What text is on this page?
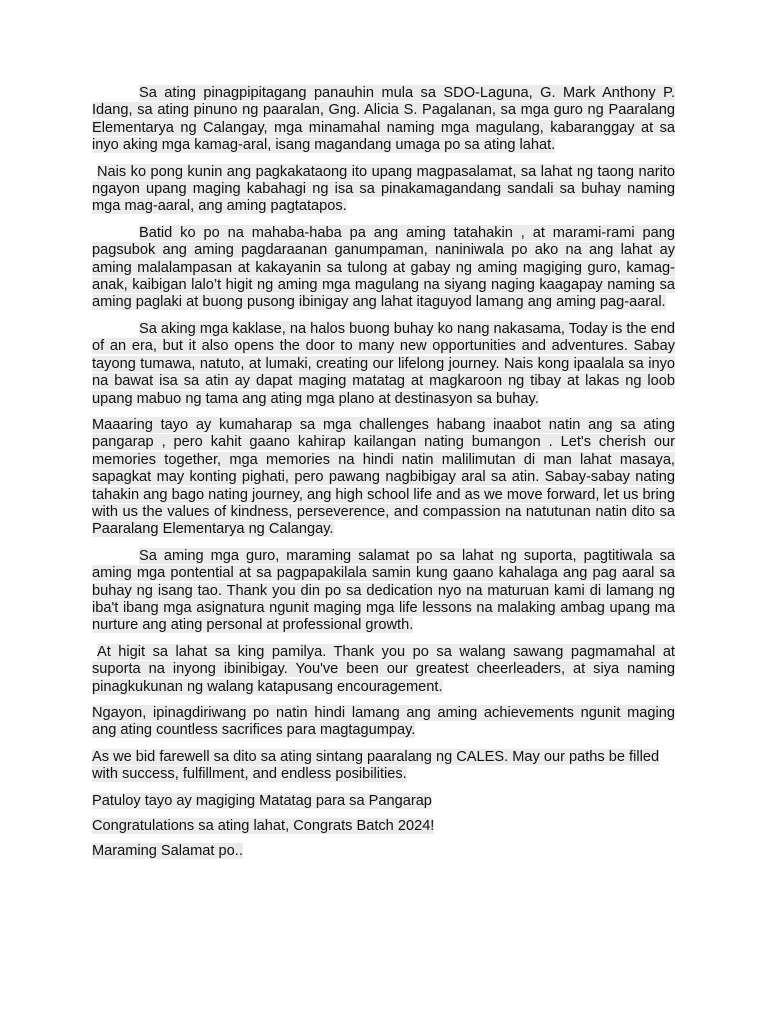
Sa ating pinagpipitagang panauhin mula sa SDO-Laguna, G. Mark Anthony P. Idang, sa ating pinuno ng paaralan, Gng. Alicia S. Pagalanan, sa mga guro ng Paaralang Elementarya ng Calangay, mga minamahal naming mga magulang, kabaranggay at sa inyo aking mga kamag-aral, isang magandang umaga po sa ating lahat.

Nais ko pong kunin ang pagkakataong ito upang magpasalamat, sa lahat ng taong narito ngayon upang maging kabahagi ng isa sa pinakamagandang sandali sa buhay naming mga mag-aaral, ang aming pagtatapos.

Batid ko po na mahaba-haba pa ang aming tatahakin , at marami-rami pang pagsubok ang aming pagdaraanan ganumpaman, naniniwala po ako na ang lahat ay aming malalampasan at kakayanin sa tulong at gabay ng aming magiging guro, kamag-anak, kaibigan lalo’t higit ng aming mga magulang na siyang naging kaagapay naming sa aming paglaki at buong pusong ibinigay ang lahat itaguyod lamang ang aming pag-aaral.

Sa aking mga kaklase, na halos buong buhay ko nang nakasama, Today is the end of an era, but it also opens the door to many new opportunities and adventures. Sabay tayong tumawa, natuto, at lumaki, creating our lifelong journey. Nais kong ipaalala sa inyo na bawat isa sa atin ay dapat maging matatag at magkaroon ng tibay at lakas ng loob upang mabuo ng tama ang ating mga plano at destinasyon sa buhay.

Maaaring tayo ay kumaharap sa mga challenges habang inaabot natin ang sa ating pangarap , pero kahit gaano kahirap kailangan nating bumangon . Let's cherish our memories together, mga memories na hindi natin malilimutan di man lahat masaya, sapagkat may konting pighati, pero pawang nagbibigay aral sa atin. Sabay-sabay nating tahakin ang bago nating journey, ang high school life and as we move forward, let us bring with us the values of kindness, perseverence, and compassion na natutunan natin dito sa Paaralang Elementarya ng Calangay.

Sa aming mga guro, maraming salamat po sa lahat ng suporta, pagtitiwala sa aming mga pontential at sa pagpapakilala samin kung gaano kahalaga ang pag aaral sa buhay ng isang tao. Thank you din po sa dedication nyo na maturuan kami di lamang ng iba't ibang mga asignatura ngunit maging mga life lessons na malaking ambag upang ma nurture ang ating personal at professional growth.

At higit sa lahat sa king pamilya. Thank you po sa walang sawang pagmamahal at suporta na inyong ibinibigay. You've been our greatest cheerleaders, at siya naming pinagkukunan ng walang katapusang encouragement.

Ngayon, ipinagdiriwang po natin hindi lamang ang aming achievements ngunit maging ang ating countless sacrifices para magtagumpay.

As we bid farewell sa dito sa ating sintang paaralang ng CALES. May our paths be filled with success, fulfillment, and endless posibilities.

Patuloy tayo ay magiging Matatag para sa Pangarap

Congratulations sa ating lahat, Congrats Batch 2024!

Maraming Salamat po..
